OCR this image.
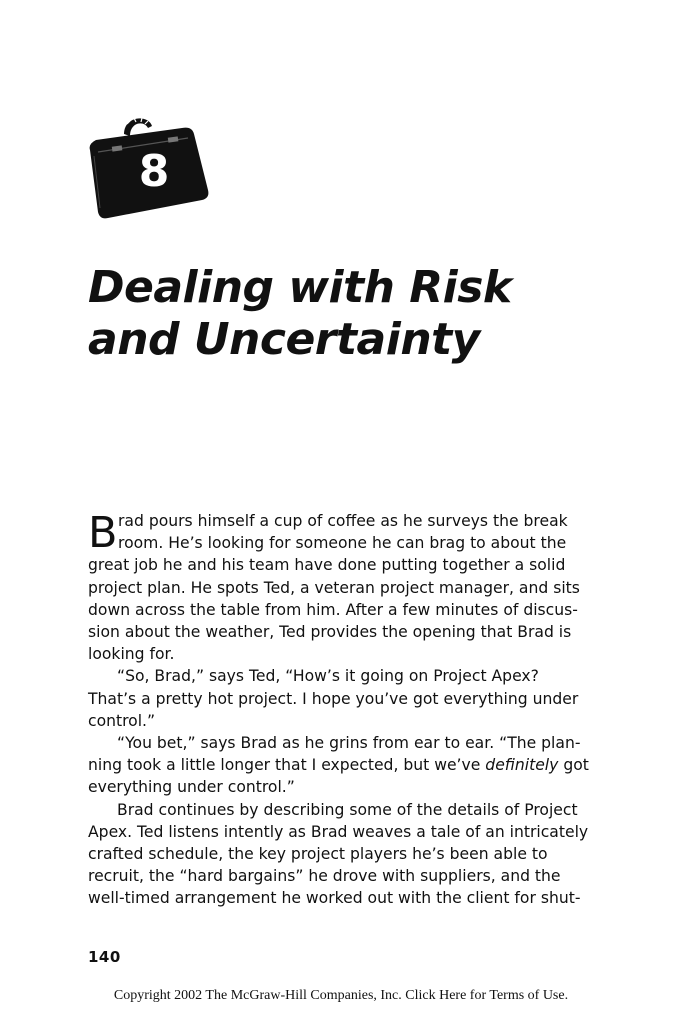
8
Dealing with Risk
and Uncertainty
B rad pours himself a cup of coffee as he surveys the break
room. He’s looking for someone he can brag to about the
great job he and his team have done putting together a solid
project plan. He spots Ted, a veteran project manager, and sits
down across the table from him. After a few minutes of discus-
sion about the weather, Ted provides the opening that Brad is
looking for.
“So, Brad,” says Ted, “How’s it going on Project Apex?
That’s a pretty hot project. I hope you’ve got everything under
control.”
“You bet,” says Brad as he grins from ear to ear. “The plan-
ning took a little longer that I expected, but we’ve definitely got
everything under control.”
Brad continues by describing some of the details of Project
Apex. Ted listens intently as Brad weaves a tale of an intricately
crafted schedule, the key project players he’s been able to
recruit, the “hard bargains” he drove with suppliers, and the
well-timed arrangement he worked out with the client for shut-
140
Copyright 2002 The McGraw-Hill Companies, Inc. Click Here for Terms of Use.
